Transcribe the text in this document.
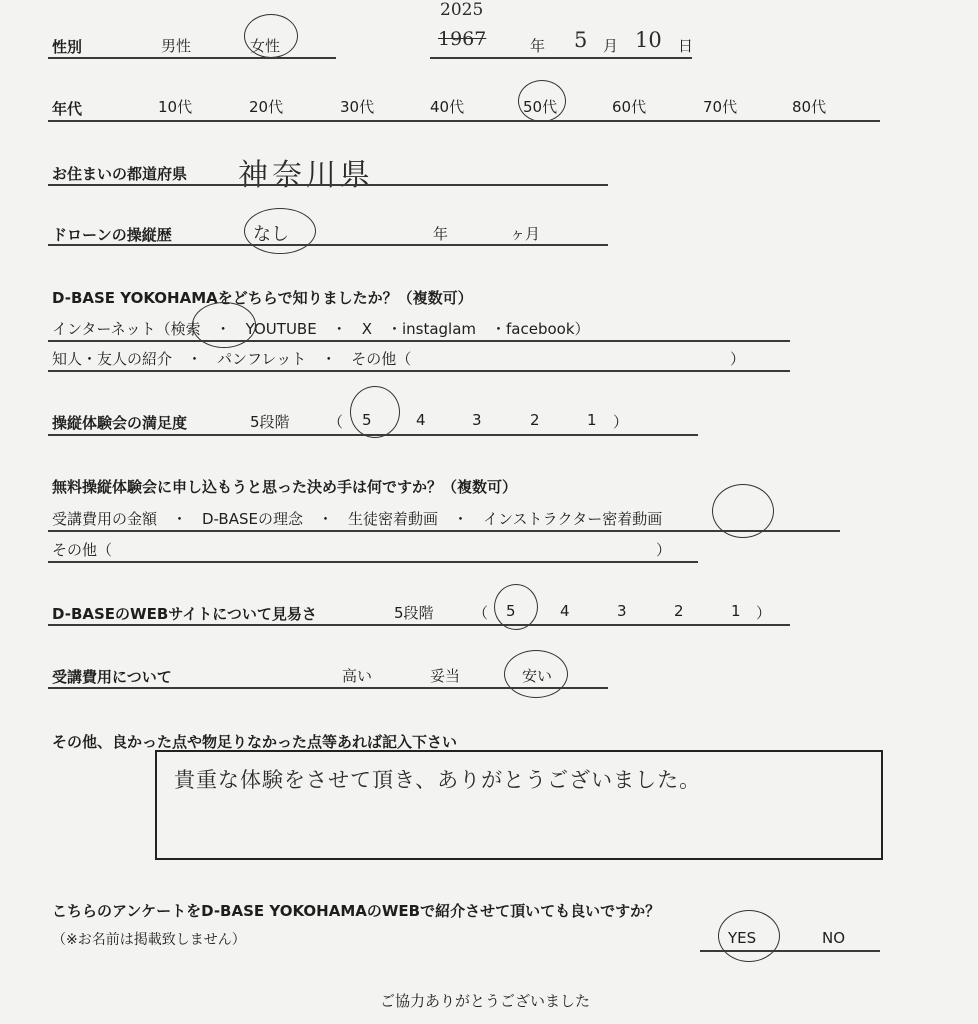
性別	男性	女性
2025
1967	年 5 月 10 日
年代	10代	20代	30代	40代	50代	60代	70代	80代
お住まいの都道府県 神奈川県
ドローンの操縦歴	なし	年	ヶ月
D-BASE YOKOHAMAをどちらで知りましたか？（複数可）
インターネット（検索　・　YOUTUBE　・　X　・instaglam　・facebook）
知人・友人の紹介　・　パンフレット　・　その他（	）
操縦体験会の満足度	5段階	（ 5	4	3	2	1 ）
無料操縦体験会に申し込もうと思った決め手は何ですか？（複数可）
受講費用の金額　・　D-BASEの理念　・　生徒密着動画　・　インストラクター密着動画
その他（	）
D-BASEのWEBサイトについて見易さ	5段階	（ 5	4	3	2	1 ）
受講費用について	高い	妥当	安い
その他、良かった点や物足りなかった点等あれば記入下さい
貴重な体験をさせて頂き、ありがとうございました。
こちらのアンケートをD-BASE YOKOHAMAのWEBで紹介させて頂いても良いですか？
（※お名前は掲載致しません）	YES	NO
ご協力ありがとうございました
